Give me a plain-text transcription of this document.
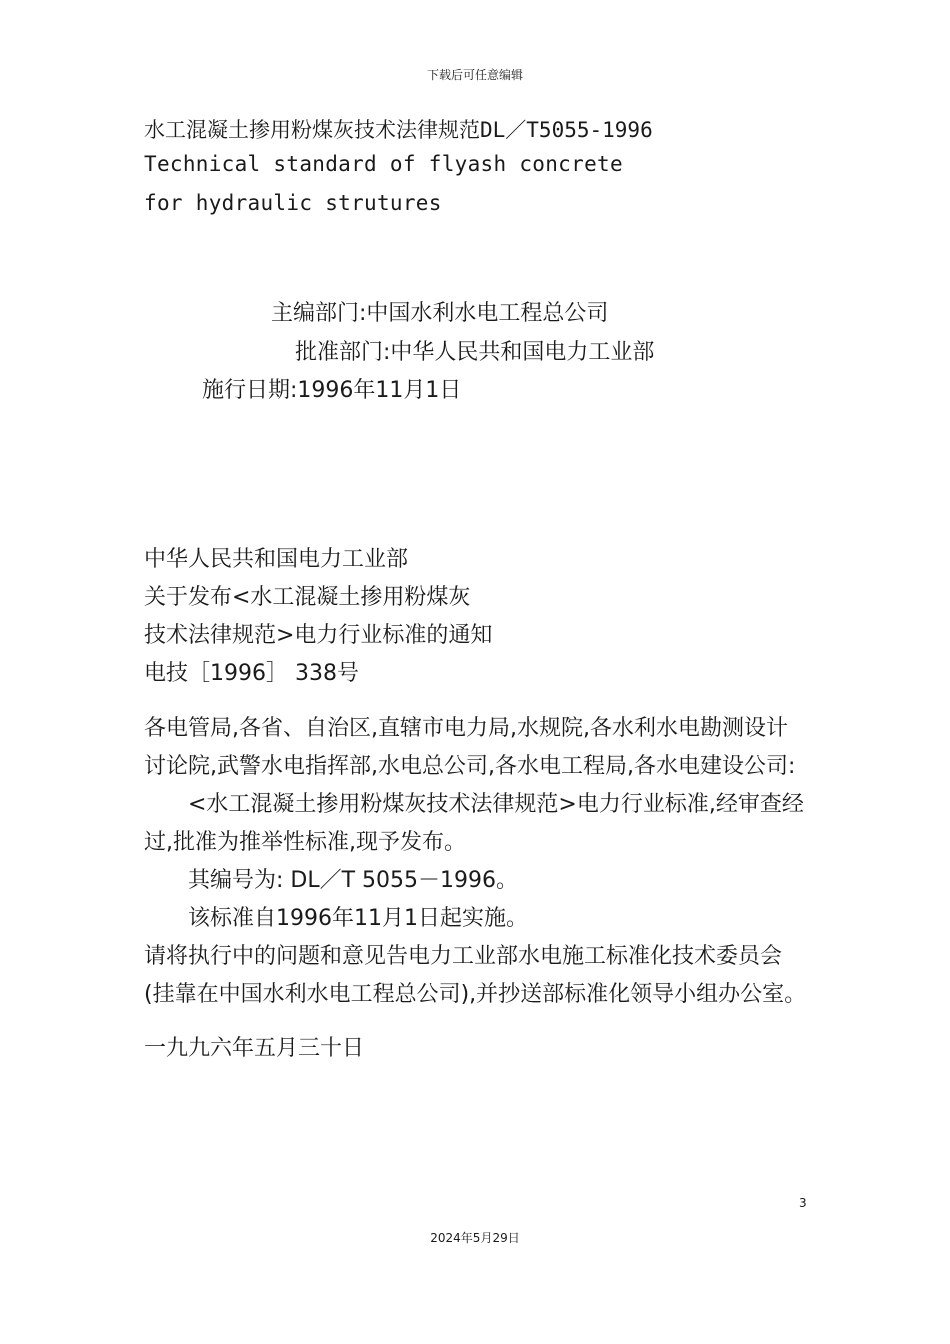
下载后可任意编辑
水工混凝土掺用粉煤灰技术法律规范DL／T5055-1996
Technical standard of flyash concrete
for hydraulic strutures
主编部门:中国水利水电工程总公司
批准部门:中华人民共和国电力工业部
施行日期:1996年11月1日
中华人民共和国电力工业部
关于发布<水工混凝土掺用粉煤灰
技术法律规范>电力行业标准的通知
电技［1996］ 338号

各电管局,各省、自治区,直辖市电力局,水规院,各水利水电勘测设计讨论院,武警水电指挥部,水电总公司,各水电工程局,各水电建设公司:

<水工混凝土掺用粉煤灰技术法律规范>电力行业标准,经审查经过,批准为推举性标准,现予发布。

其编号为: DL／T 5055－1996。

该标准自1996年11月1日起实施。

请将执行中的问题和意见告电力工业部水电施工标准化技术委员会(挂靠在中国水利水电工程总公司),并抄送部标准化领导小组办公室。

一九九六年五月三十日

3
2024年5月29日
